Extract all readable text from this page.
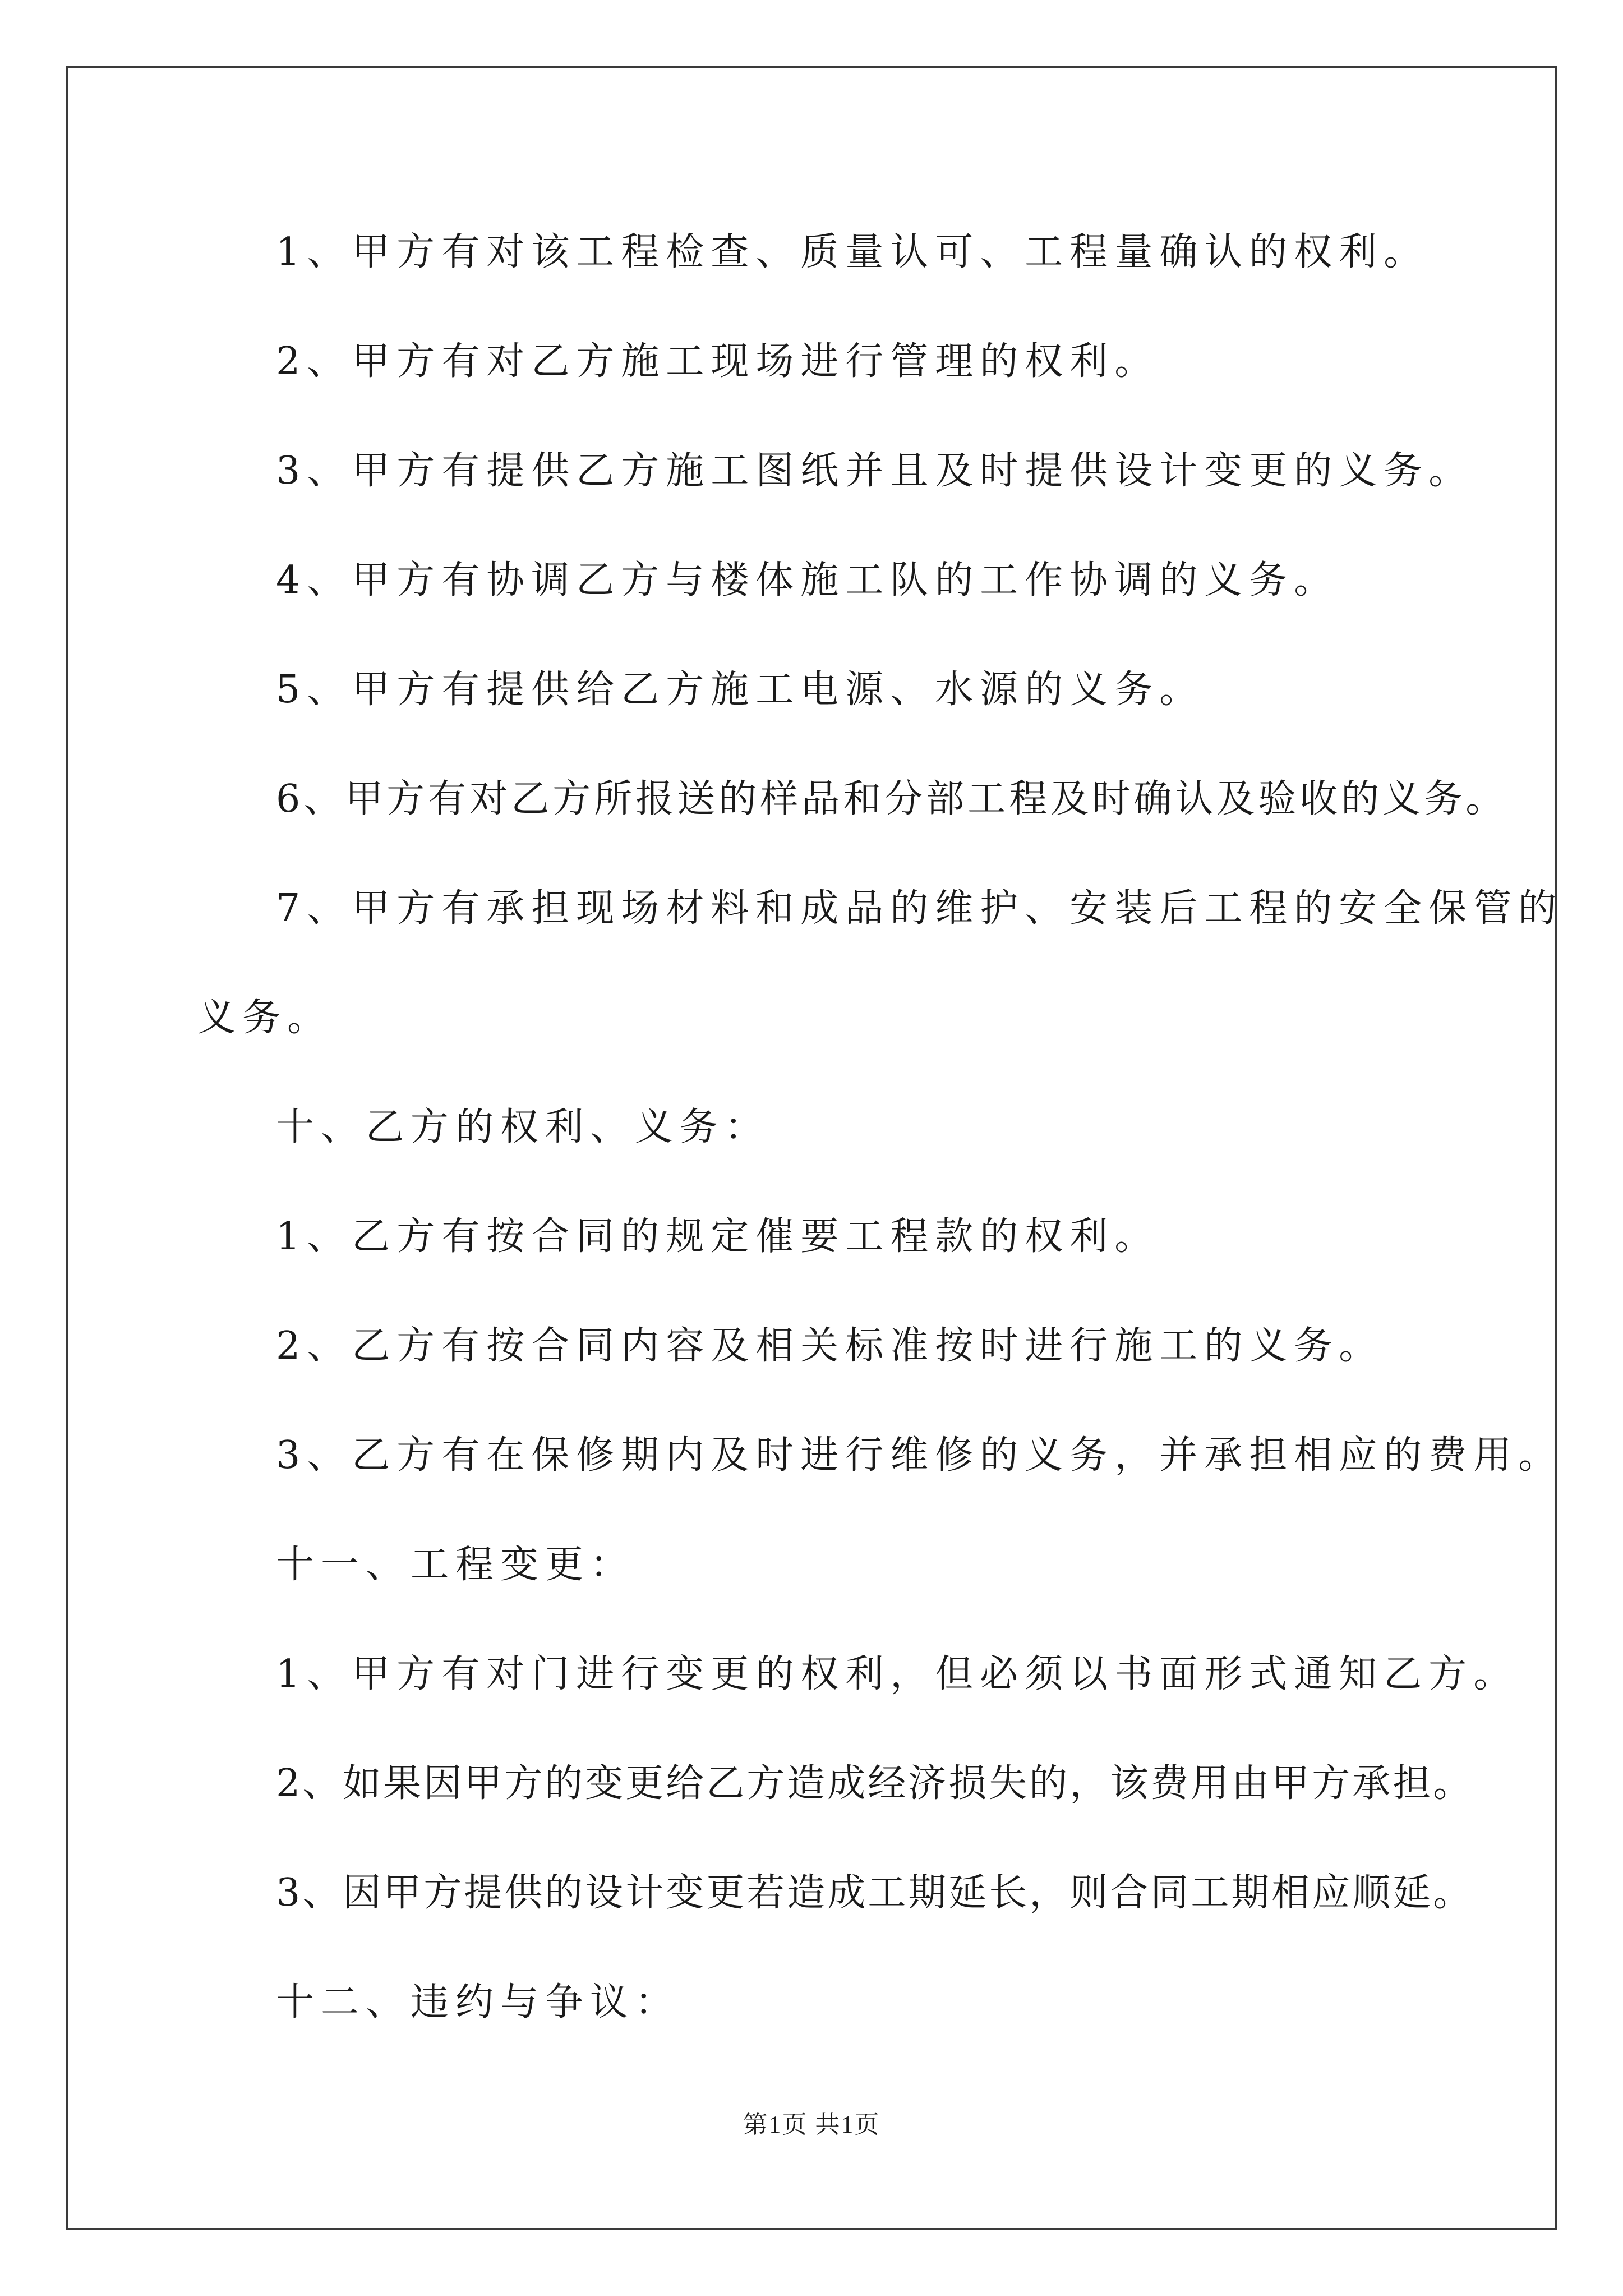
1、甲方有对该工程检查、质量认可、工程量确认的权利。
2、甲方有对乙方施工现场进行管理的权利。
3、甲方有提供乙方施工图纸并且及时提供设计变更的义务。
4、甲方有协调乙方与楼体施工队的工作协调的义务。
5、甲方有提供给乙方施工电源、水源的义务。
6、甲方有对乙方所报送的样品和分部工程及时确认及验收的义务。
7、甲方有承担现场材料和成品的维护、安装后工程的安全保管的
义务。
十、乙方的权利、义务：
1、乙方有按合同的规定催要工程款的权利。
2、乙方有按合同内容及相关标准按时进行施工的义务。
3、乙方有在保修期内及时进行维修的义务，并承担相应的费用。
十一、工程变更：
1、甲方有对门进行变更的权利，但必须以书面形式通知乙方。
2、如果因甲方的变更给乙方造成经济损失的，该费用由甲方承担。
3、因甲方提供的设计变更若造成工期延长，则合同工期相应顺延。
十二、违约与争议：
第1页 共1页
